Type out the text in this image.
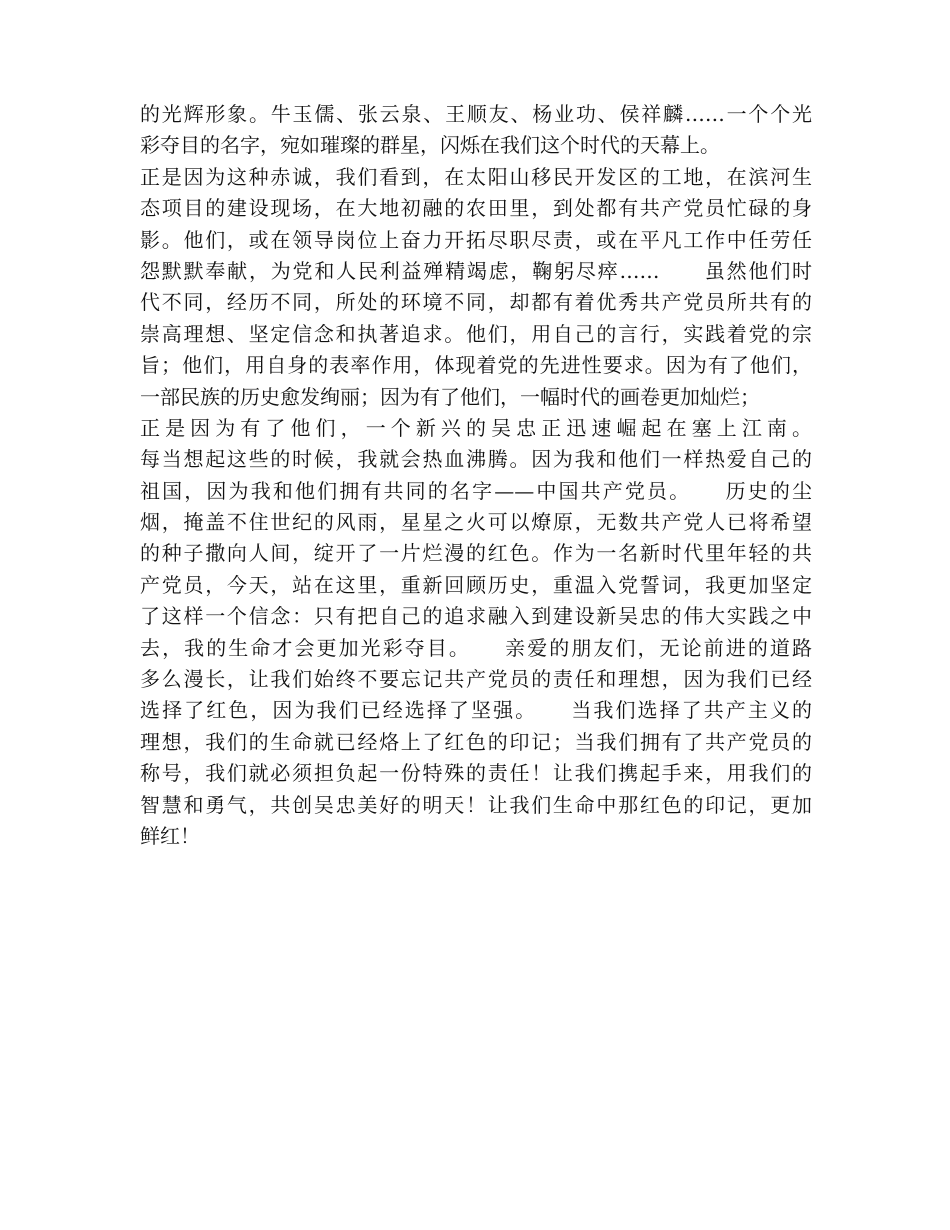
的光辉形象。牛玉儒、张云泉、王顺友、杨业功、侯祥麟……一个个光
彩夺目的名字，宛如璀璨的群星，闪烁在我们这个时代的天幕上。
正是因为这种赤诚，我们看到，在太阳山移民开发区的工地，在滨河生
态项目的建设现场，在大地初融的农田里，到处都有共产党员忙碌的身
影。他们，或在领导岗位上奋力开拓尽职尽责，或在平凡工作中任劳任
怨默默奉献，为党和人民利益殚精竭虑，鞠躬尽瘁……　　虽然他们时
代不同，经历不同，所处的环境不同，却都有着优秀共产党员所共有的
崇高理想、坚定信念和执著追求。他们，用自己的言行，实践着党的宗
旨；他们，用自身的表率作用，体现着党的先进性要求。因为有了他们，
一部民族的历史愈发绚丽；因为有了他们，一幅时代的画卷更加灿烂；
正是因为有了他们，一个新兴的吴忠正迅速崛起在塞上江南。
每当想起这些的时候，我就会热血沸腾。因为我和他们一样热爱自己的
祖国，因为我和他们拥有共同的名字——中国共产党员。　　历史的尘
烟，掩盖不住世纪的风雨，星星之火可以燎原，无数共产党人已将希望
的种子撒向人间，绽开了一片烂漫的红色。作为一名新时代里年轻的共
产党员，今天，站在这里，重新回顾历史，重温入党誓词，我更加坚定
了这样一个信念：只有把自己的追求融入到建设新吴忠的伟大实践之中
去，我的生命才会更加光彩夺目。　　亲爱的朋友们，无论前进的道路
多么漫长，让我们始终不要忘记共产党员的责任和理想，因为我们已经
选择了红色，因为我们已经选择了坚强。　　当我们选择了共产主义的
理想，我们的生命就已经烙上了红色的印记；当我们拥有了共产党员的
称号，我们就必须担负起一份特殊的责任！让我们携起手来，用我们的
智慧和勇气，共创吴忠美好的明天！让我们生命中那红色的印记，更加
鲜红！
